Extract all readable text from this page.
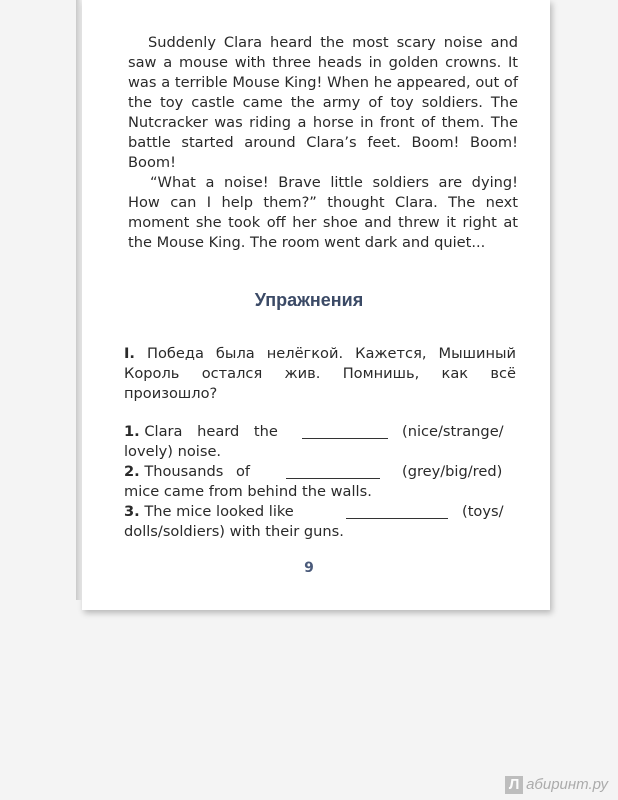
Suddenly Clara heard the most scary noise and saw a mouse with three heads in golden crowns. It was a terrible Mouse King! When he appeared, out of the toy castle came the army of toy soldiers. The Nutcracker was riding a horse in front of them. The battle started around Clara’s feet. Boom! Boom! Boom!

“What a noise! Brave little soldiers are dying! How can I help them?” thought Clara. The next moment she took off her shoe and threw it right at the Mouse King. The room went dark and quiet...

Упражнения
I. Победа была нелёгкой. Кажется, Мышиный Король остался жив. Помнишь, как всё произошло?
1. Clara heard the	(nice/strange/
lovely) noise.
2. Thousands of	(grey/big/red)
mice came from behind the walls.
3. The mice looked like	(toys/
dolls/soldiers) with their guns.
9
Л абиринт.ру
